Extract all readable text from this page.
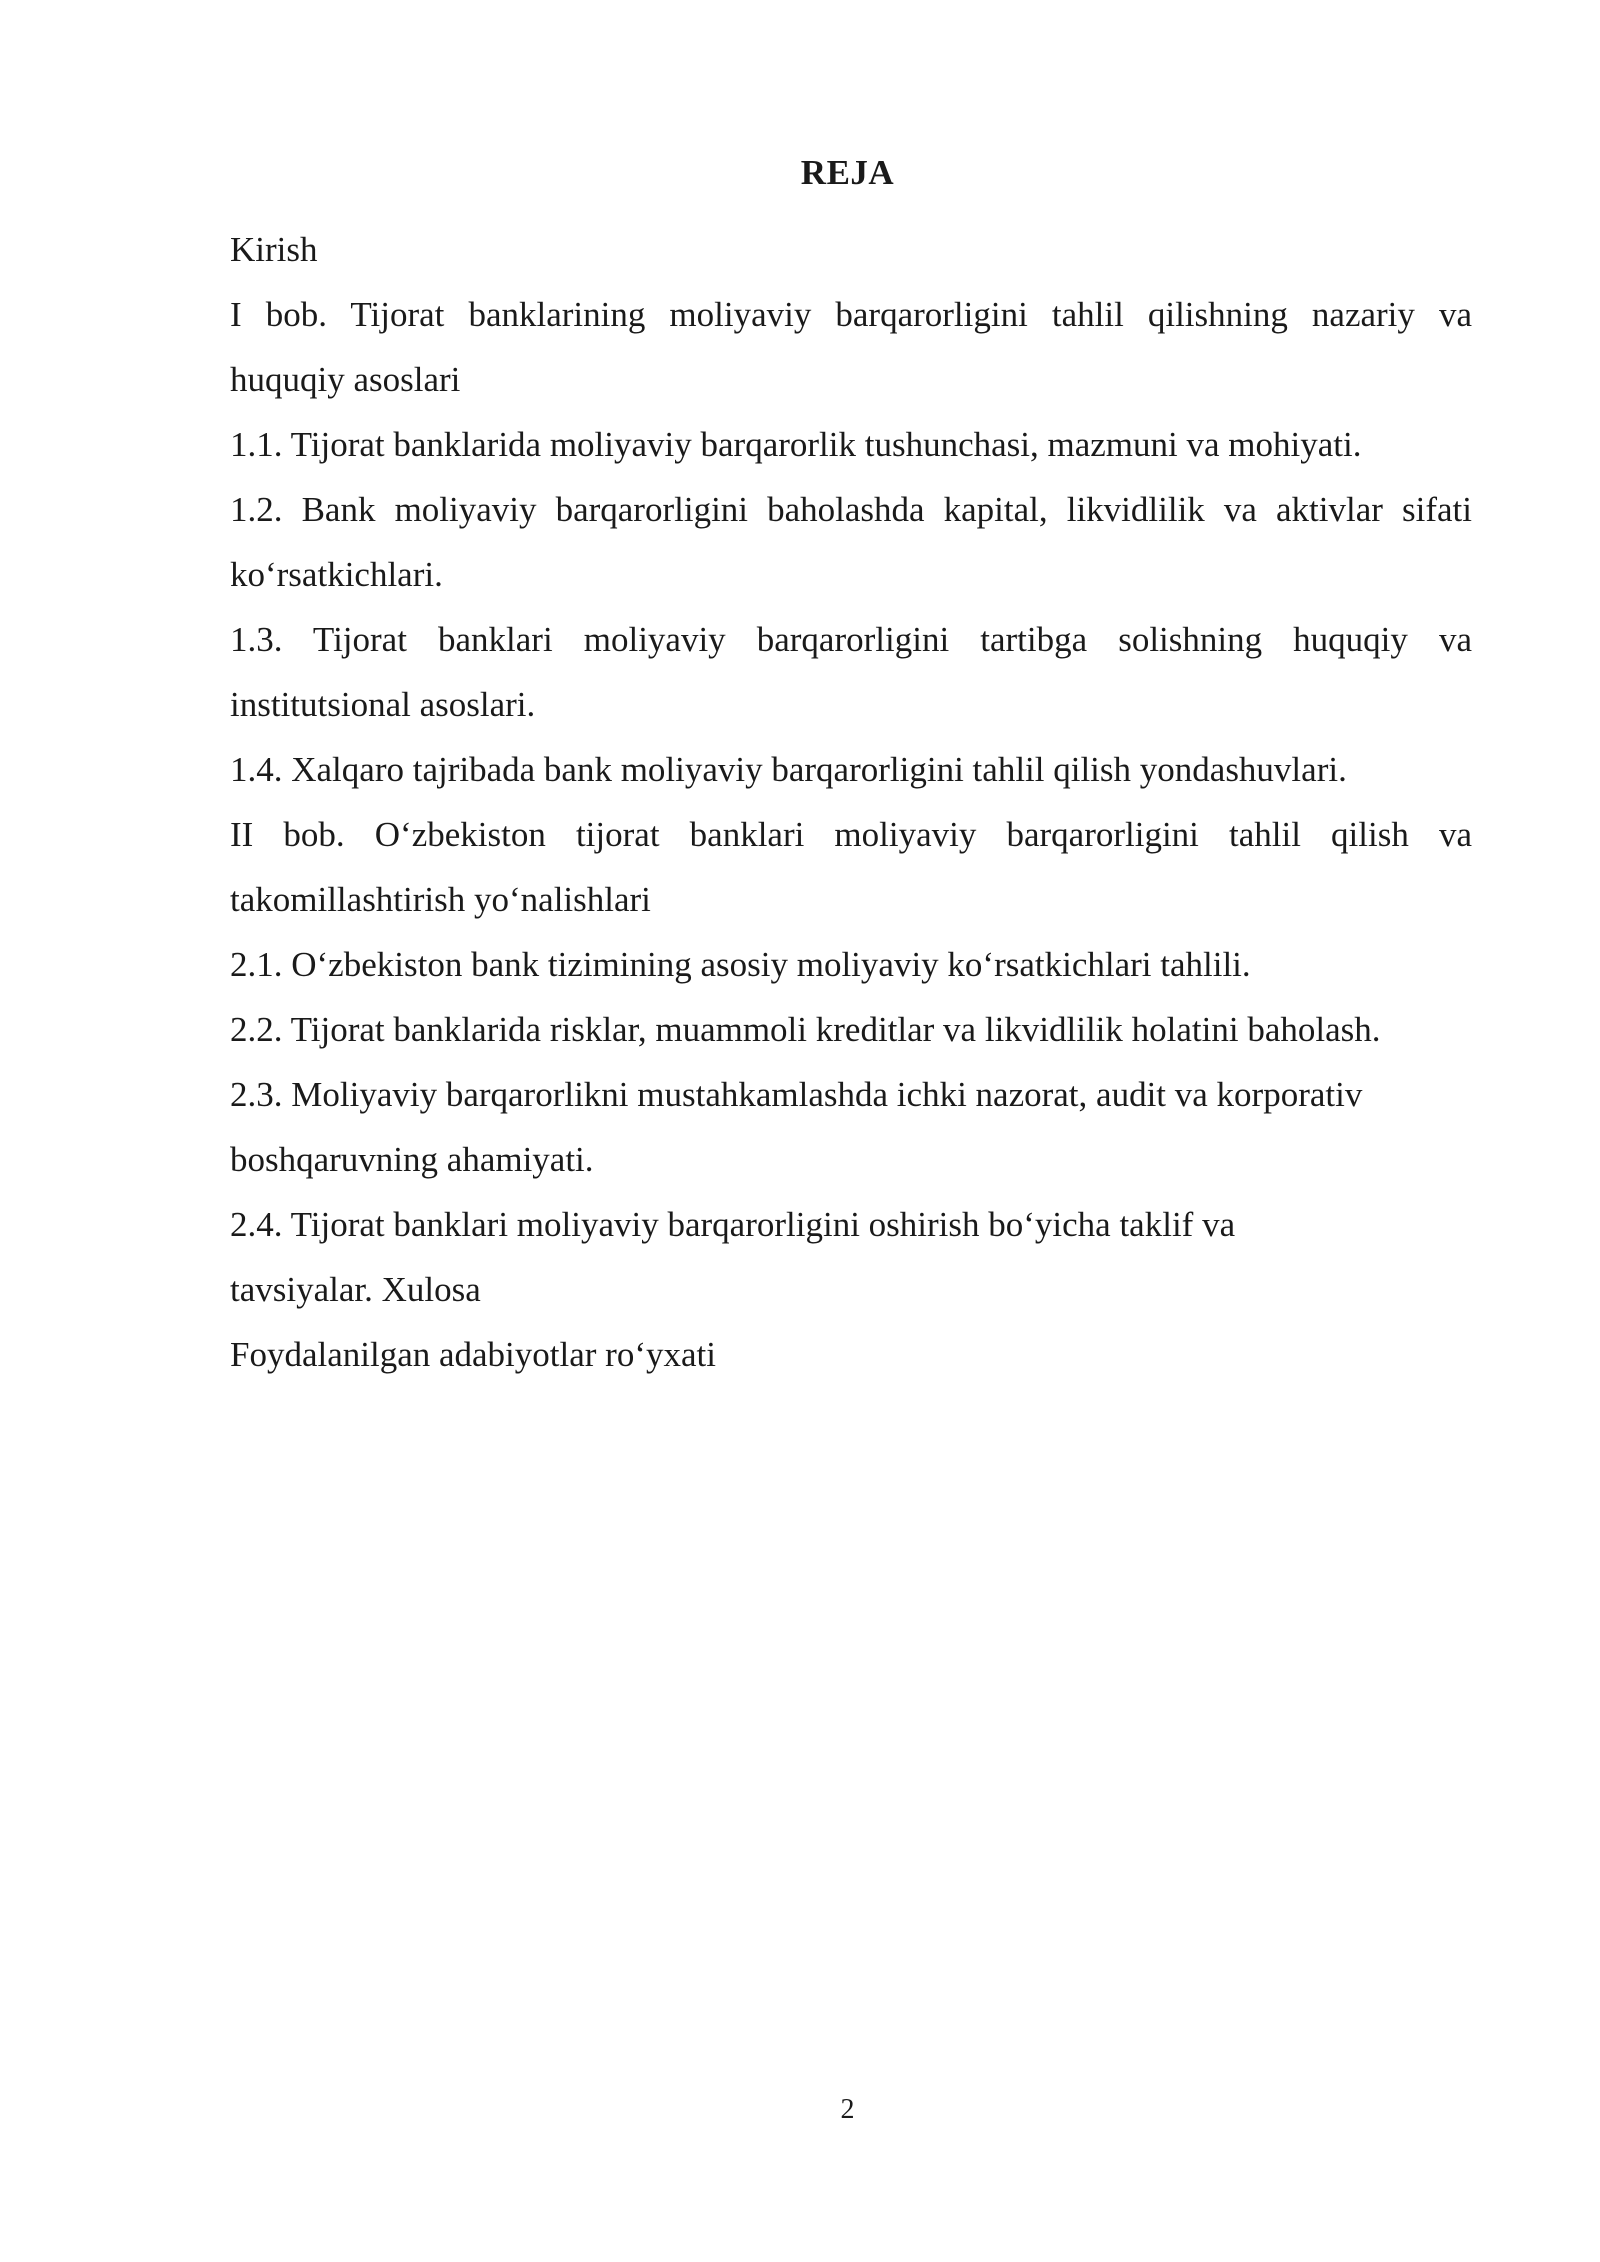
REJA
Kirish
I bob. Tijorat banklarining moliyaviy barqarorligini tahlil qilishning nazariy va
huquqiy asoslari
1.1. Tijorat banklarida moliyaviy barqarorlik tushunchasi, mazmuni va mohiyati.
1.2. Bank moliyaviy barqarorligini baholashda kapital, likvidlilik va aktivlar sifati
koʻrsatkichlari.
1.3. Tijorat banklari moliyaviy barqarorligini tartibga solishning huquqiy va
institutsional asoslari.
1.4. Xalqaro tajribada bank moliyaviy barqarorligini tahlil qilish yondashuvlari.
II bob. Oʻzbekiston tijorat banklari moliyaviy barqarorligini tahlil qilish va
takomillashtirish yoʻnalishlari
2.1. Oʻzbekiston bank tizimining asosiy moliyaviy koʻrsatkichlari tahlili.
2.2. Tijorat banklarida risklar, muammoli kreditlar va likvidlilik holatini baholash.
2.3. Moliyaviy barqarorlikni mustahkamlashda ichki nazorat, audit va korporativ
boshqaruvning ahamiyati.
2.4. Tijorat banklari moliyaviy barqarorligini oshirish boʻyicha taklif va
tavsiyalar. Xulosa
Foydalanilgan adabiyotlar roʻyxati
2
